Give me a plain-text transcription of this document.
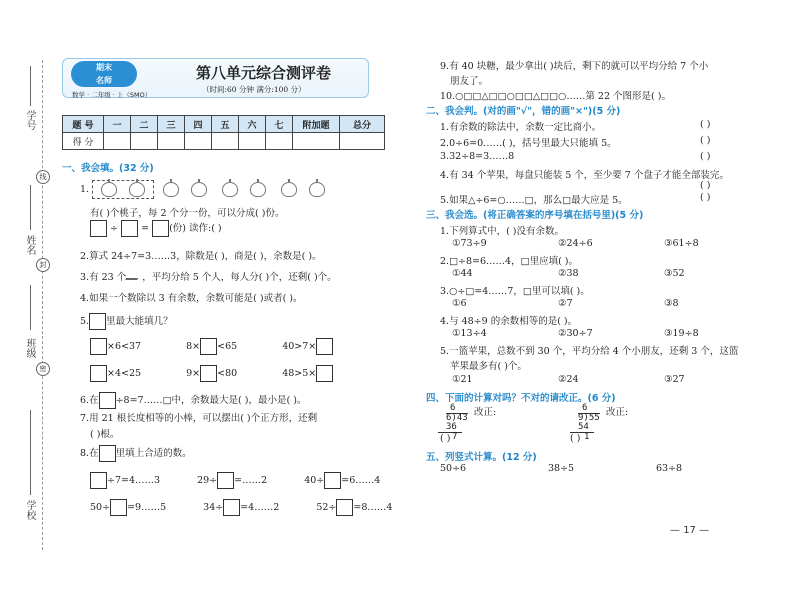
学号
线
姓名
封
班级
密
学校
期末
名师
数学 · 二年级 · 上（SMO）
第八单元综合测评卷
（时间:60 分钟 满分:100 分）
题 号	一	二	三	四	五	六	七	附加题	总分
得 分									
一、我会填。(32 分)
1.
有( )个桃子，每 2 个分一份，可以分成( )份。
÷ = (份) 读作:( )
2.算式 24÷7=3……3，除数是( )，商是( )，余数是( )。
3.有 23 个 ，平均分给 5 个人，每人分( )个，还剩( )个。
4.如果一个数除以 3 有余数，余数可能是( )或者( )。
5. 里最大能填几？
×6<37	8× <65	40>7×
×4<25	9× <80	48>5×
6.在 ÷8=7……□中，余数最大是( )，最小是( )。
7.用 21 根长度相等的小棒，可以摆出( )个正方形，还剩
( )根。
8.在 里填上合适的数。
÷7=4……3	29÷ =……2	40÷ =6……4
50÷ =9……5	34÷ =4……2	52÷ =8……4
9.有 40 块糖，最少拿出( )块后，剩下的就可以平均分给 7 个小
朋友了。
10.○□□△□□○□□△□□○……第 22 个图形是( )。
二、我会判。(对的画"√"，错的画"×")(5 分)
1.有余数的除法中，余数一定比商小。	( )
2.0÷6=0……( )，括号里最大只能填 5。	( )
3.32÷8=3……8	( )
4.有 34 个苹果，每盘只能装 5 个，至少要 7 个盘子才能全部装完。
( )
5.如果△÷6=○……□，那么□最大应是 5。	( )
三、我会选。(将正确答案的序号填在括号里)(5 分)
1.下列算式中，( )没有余数。
①73÷9	②24÷6	③61÷8
2.□÷8=6……4，□里应填( )。
①44	②38	③52
3.○÷□=4……7，□里可以填( )。
①6	②7	③8
4.与 48÷9 的余数相等的是( )。
①13÷4	②30÷7	③19÷8
5.一篮苹果，总数不到 30 个，平均分给 4 个小朋友，还剩 3 个，这篮
苹果最多有( )个。
①21	②24	③27
四、下面的计算对吗？不对的请改正。(6 分)
6
6)43
36
7
改正:
( )
6
9)55
54
1
改正:
( )
五、列竖式计算。(12 分)
50÷6	38÷5	63÷8
— 17 —
